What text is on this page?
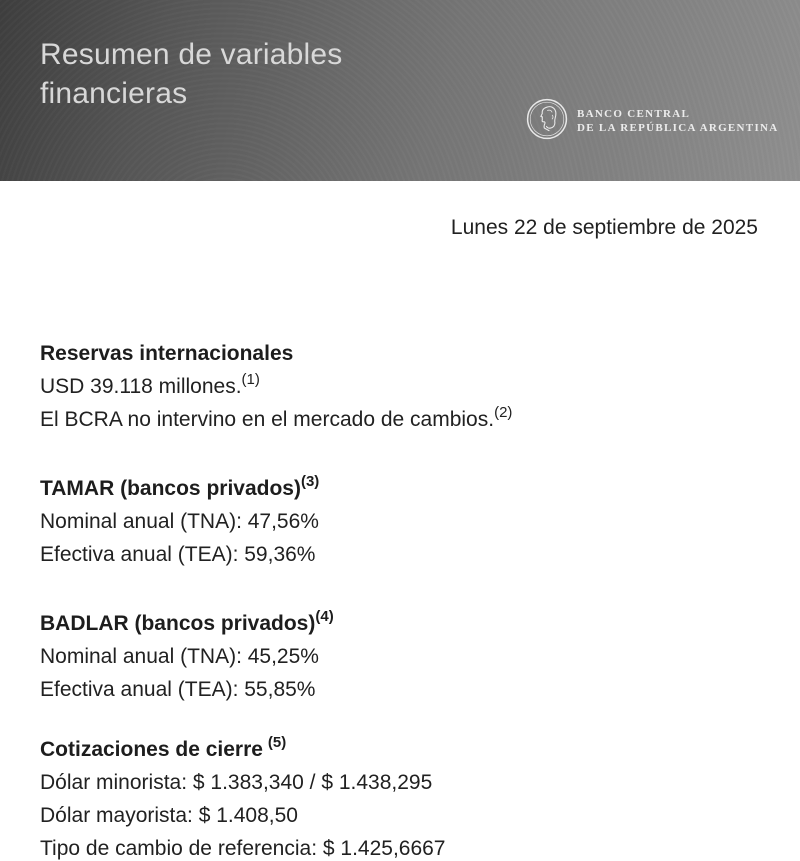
Resumen de variables
financieras
BANCO CENTRAL
DE LA REPÚBLICA ARGENTINA
Lunes 22 de septiembre de 2025
Reservas internacionales
USD 39.118 millones.$^{(1)}$
El BCRA no intervino en el mercado de cambios.$^{(2)}$
TAMAR (bancos privados)$^{(3)}$
Nominal anual (TNA): 47,56%
Efectiva anual (TEA): 59,36%
BADLAR (bancos privados)$^{(4)}$
Nominal anual (TNA): 45,25%
Efectiva anual (TEA): 55,85%
Cotizaciones de cierre $^{(5)}$
Dólar minorista: $ 1.383,340 / $ 1.438,295
Dólar mayorista: $ 1.408,50
Tipo de cambio de referencia: $ 1.425,6667
